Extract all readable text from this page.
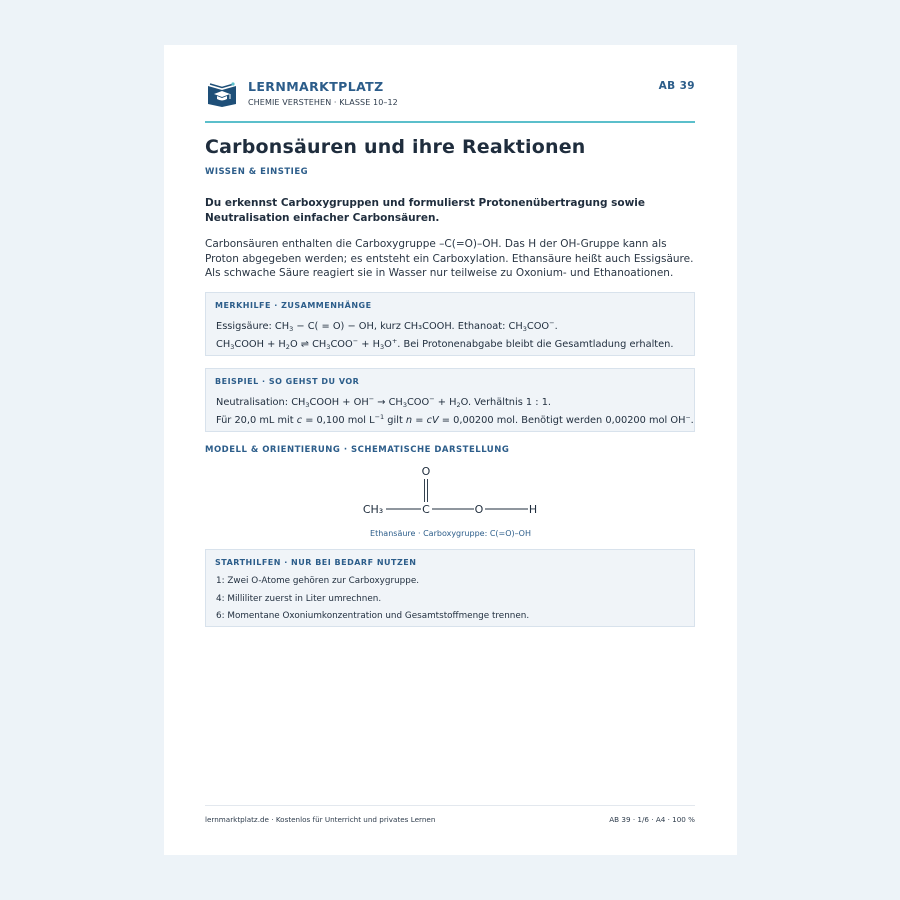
LERNMARKTPLATZ
CHEMIE VERSTEHEN · KLASSE 10–12
AB 39
Carbonsäuren und ihre Reaktionen
WISSEN & EINSTIEG
Du erkennst Carboxygruppen und formulierst Protonenübertragung sowie Neutralisation einfacher Carbonsäuren.
Carbonsäuren enthalten die Carboxygruppe –C(=O)–OH. Das H der OH-Gruppe kann als Proton abgegeben werden; es entsteht ein Carboxylation. Ethansäure heißt auch Essigsäure. Als schwache Säure reagiert sie in Wasser nur teilweise zu Oxonium- und Ethanoationen.
MERKHILFE · ZUSAMMENHÄNGE
Essigsäure: $CH_3 - C( = O)$ − OH, kurz CH₃COOH. Ethanoat: $CH_3COO^-$.
$CH_3COOH + H_2O$ ⇌ $CH_3COO^- + H_3O^+$. Bei Protonenabgabe bleibt die Gesamtladung erhalten.
BEISPIEL · SO GEHST DU VOR
Neutralisation: $CH_3COOH + OH^- \to CH_3COO^- + H_2O$. Verhältnis 1 : 1.
Für 20,0 mL mit c = 0,100 mol $L^{-1}$ gilt n = cV = 0,00200 mol. Benötigt werden 0,00200 mol OH⁻.
MODELL & ORIENTIERUNG · SCHEMATISCHE DARSTELLUNG
O
CH₃	C	O	H
Ethansäure · Carboxygruppe: C(=O)–OH
STARTHILFEN · NUR BEI BEDARF NUTZEN
1: Zwei O-Atome gehören zur Carboxygruppe.
4: Milliliter zuerst in Liter umrechnen.
6: Momentane Oxoniumkonzentration und Gesamtstoffmenge trennen.
lernmarktplatz.de · Kostenlos für Unterricht und privates Lernen	AB 39 · 1/6 · A4 · 100 %
